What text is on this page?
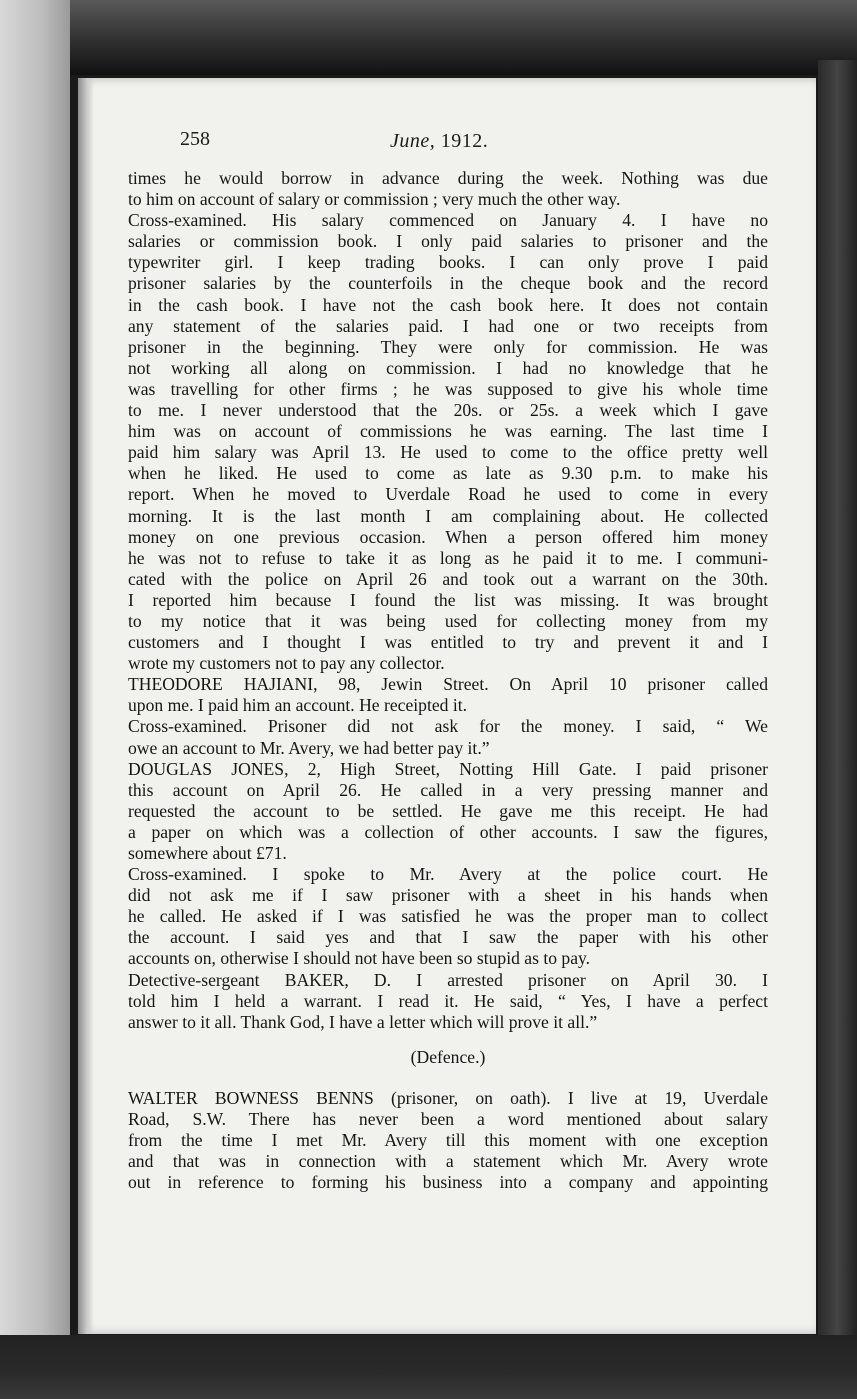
258	June, 1912.
times he would borrow in advance during the week. Nothing was due
to him on account of salary or commission ; very much the other way.
Cross-examined. His salary commenced on January 4. I have no
salaries or commission book. I only paid salaries to prisoner and the
typewriter girl. I keep trading books. I can only prove I paid
prisoner salaries by the counterfoils in the cheque book and the record
in the cash book. I have not the cash book here. It does not contain
any statement of the salaries paid. I had one or two receipts from
prisoner in the beginning. They were only for commission. He was
not working all along on commission. I had no knowledge that he
was travelling for other firms ; he was supposed to give his whole time
to me. I never understood that the 20s. or 25s. a week which I gave
him was on account of commissions he was earning. The last time I
paid him salary was April 13. He used to come to the office pretty well
when he liked. He used to come as late as 9.30 p.m. to make his
report. When he moved to Uverdale Road he used to come in every
morning. It is the last month I am complaining about. He collected
money on one previous occasion. When a person offered him money
he was not to refuse to take it as long as he paid it to me. I communi-
cated with the police on April 26 and took out a warrant on the 30th.
I reported him because I found the list was missing. It was brought
to my notice that it was being used for collecting money from my
customers and I thought I was entitled to try and prevent it and I
wrote my customers not to pay any collector.
THEODORE HAJIANI, 98, Jewin Street. On April 10 prisoner called
upon me. I paid him an account. He receipted it.
Cross-examined. Prisoner did not ask for the money. I said, “ We
owe an account to Mr. Avery, we had better pay it.”
DOUGLAS JONES, 2, High Street, Notting Hill Gate. I paid prisoner
this account on April 26. He called in a very pressing manner and
requested the account to be settled. He gave me this receipt. He had
a paper on which was a collection of other accounts. I saw the figures,
somewhere about £71.
Cross-examined. I spoke to Mr. Avery at the police court. He
did not ask me if I saw prisoner with a sheet in his hands when
he called. He asked if I was satisfied he was the proper man to collect
the account. I said yes and that I saw the paper with his other
accounts on, otherwise I should not have been so stupid as to pay.
Detective-sergeant BAKER, D. I arrested prisoner on April 30. I
told him I held a warrant. I read it. He said, “ Yes, I have a perfect
answer to it all. Thank God, I have a letter which will prove it all.”
(Defence.)
WALTER BOWNESS BENNS (prisoner, on oath). I live at 19, Uverdale
Road, S.W. There has never been a word mentioned about salary
from the time I met Mr. Avery till this moment with one exception
and that was in connection with a statement which Mr. Avery wrote
out in reference to forming his business into a company and appointing
